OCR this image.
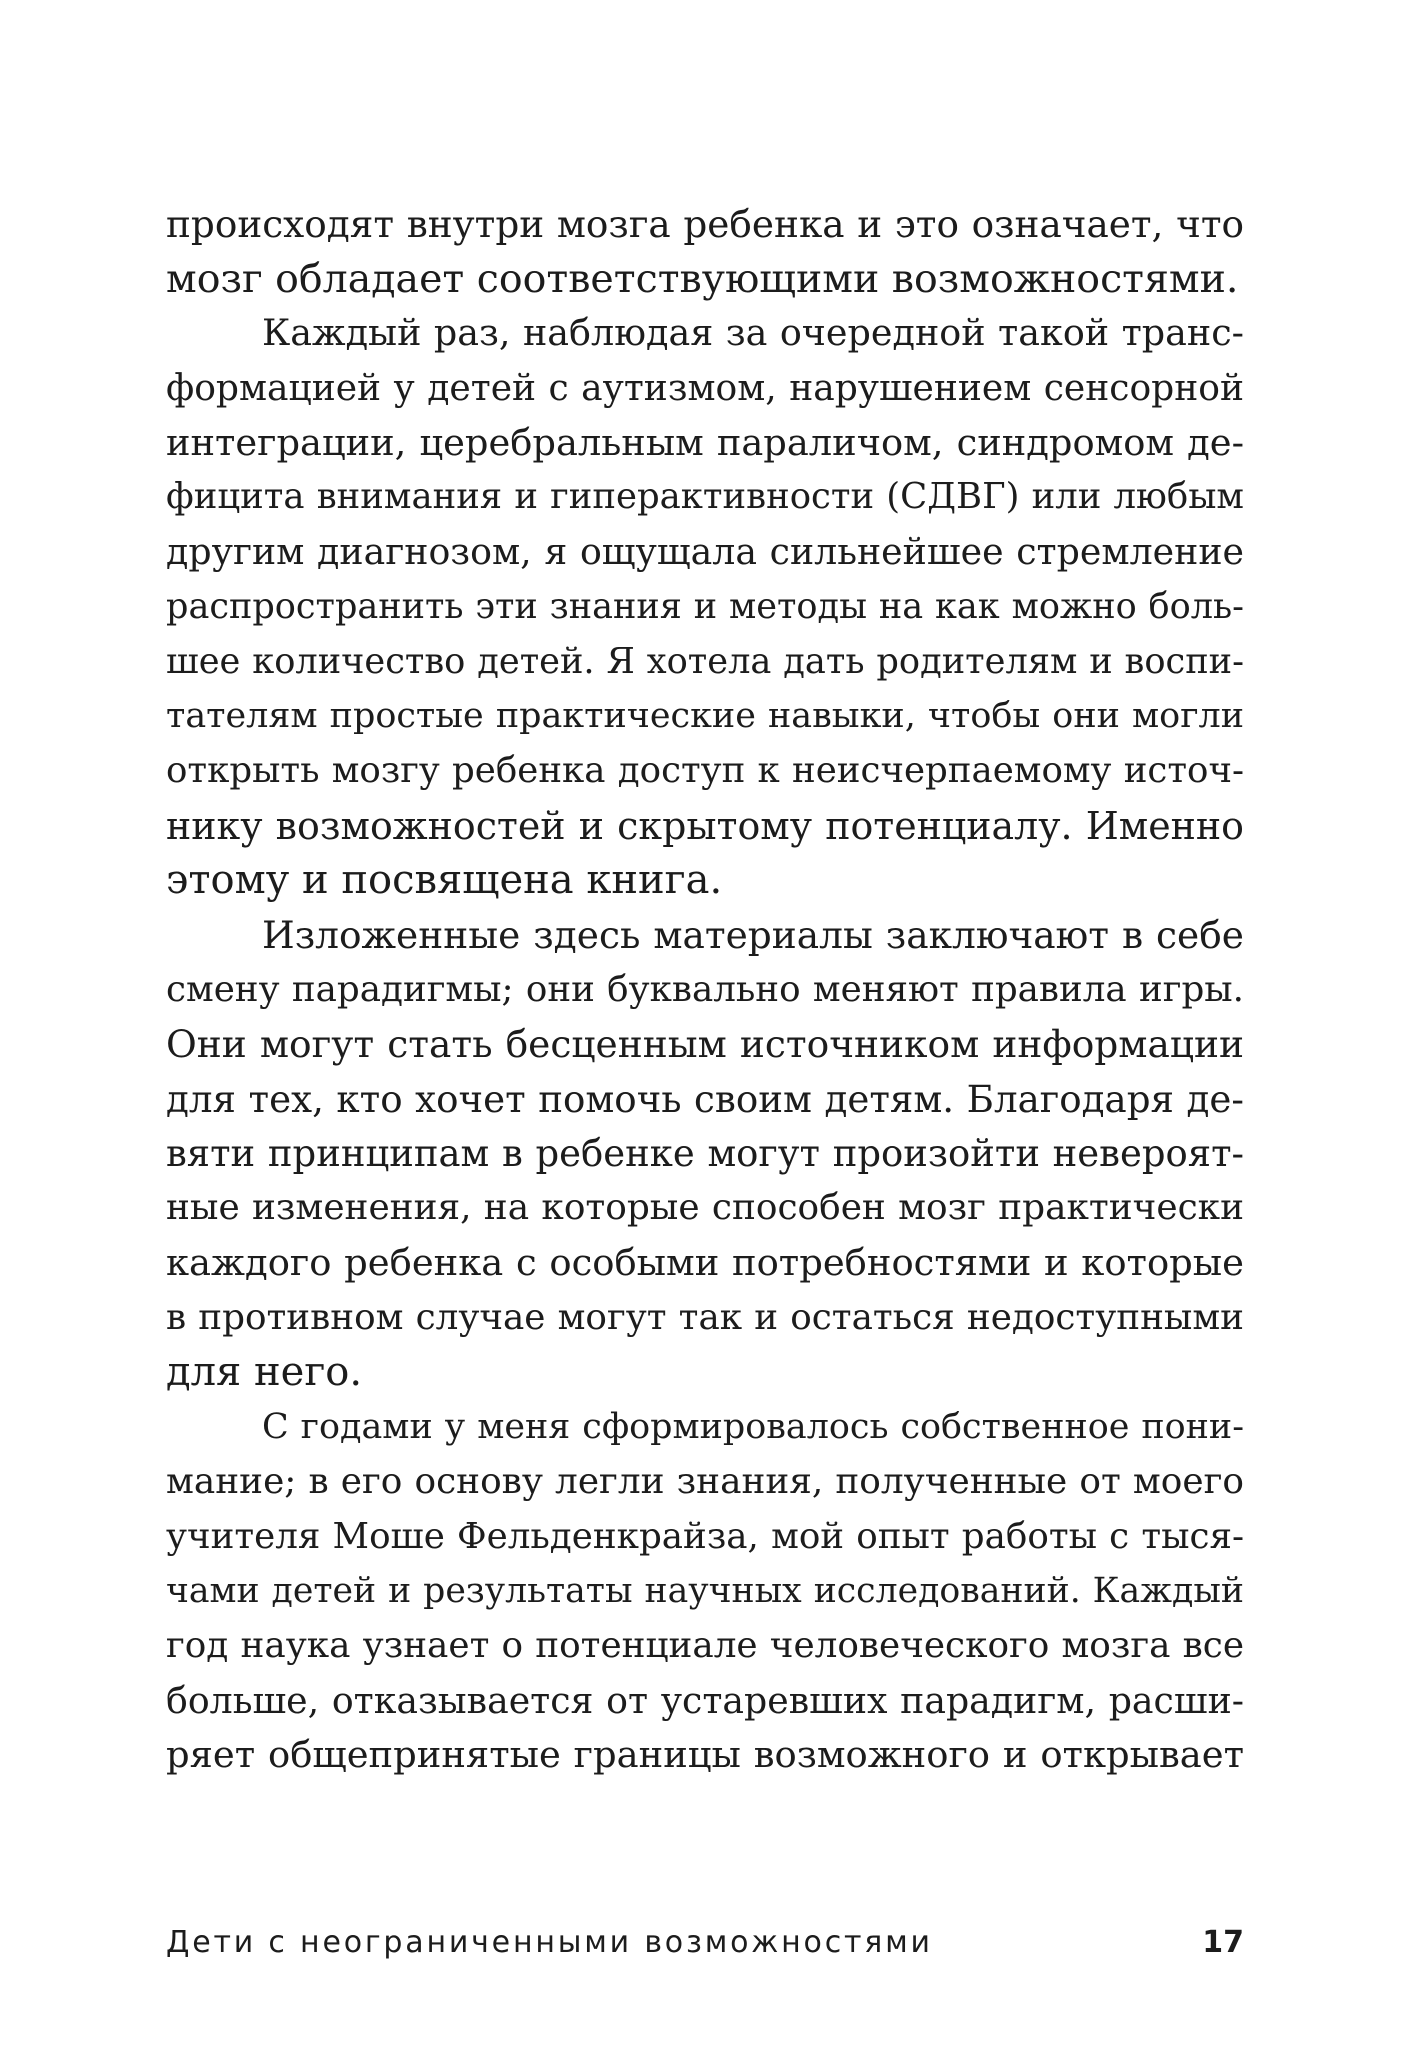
происходят внутри мозга ребенка и это означает, что
мозг обладает соответствующими возможностями.
Каждый раз, наблюдая за очередной такой транс-
формацией у детей с аутизмом, нарушением сенсорной
интеграции, церебральным параличом, синдромом де-
фицита внимания и гиперактивности (СДВГ) или любым
другим диагнозом, я ощущала сильнейшее стремление
распространить эти знания и методы на как можно боль-
шее количество детей. Я хотела дать родителям и воспи-
тателям простые практические навыки, чтобы они могли
открыть мозгу ребенка доступ к неисчерпаемому источ-
нику возможностей и скрытому потенциалу. Именно
этому и посвящена книга.
Изложенные здесь материалы заключают в себе
смену парадигмы; они буквально меняют правила игры.
Они могут стать бесценным источником информации
для тех, кто хочет помочь своим детям. Благодаря де-
вяти принципам в ребенке могут произойти невероят-
ные изменения, на которые способен мозг практически
каждого ребенка с особыми потребностями и которые
в противном случае могут так и остаться недоступными
для него.
С годами у меня сформировалось собственное пони-
мание; в его основу легли знания, полученные от моего
учителя Моше Фельденкрайза, мой опыт работы с тыся-
чами детей и результаты научных исследований. Каждый
год наука узнает о потенциале человеческого мозга все
больше, отказывается от устаревших парадигм, расши-
ряет общепринятые границы возможного и открывает
Дети с неограниченными возможностями	17
